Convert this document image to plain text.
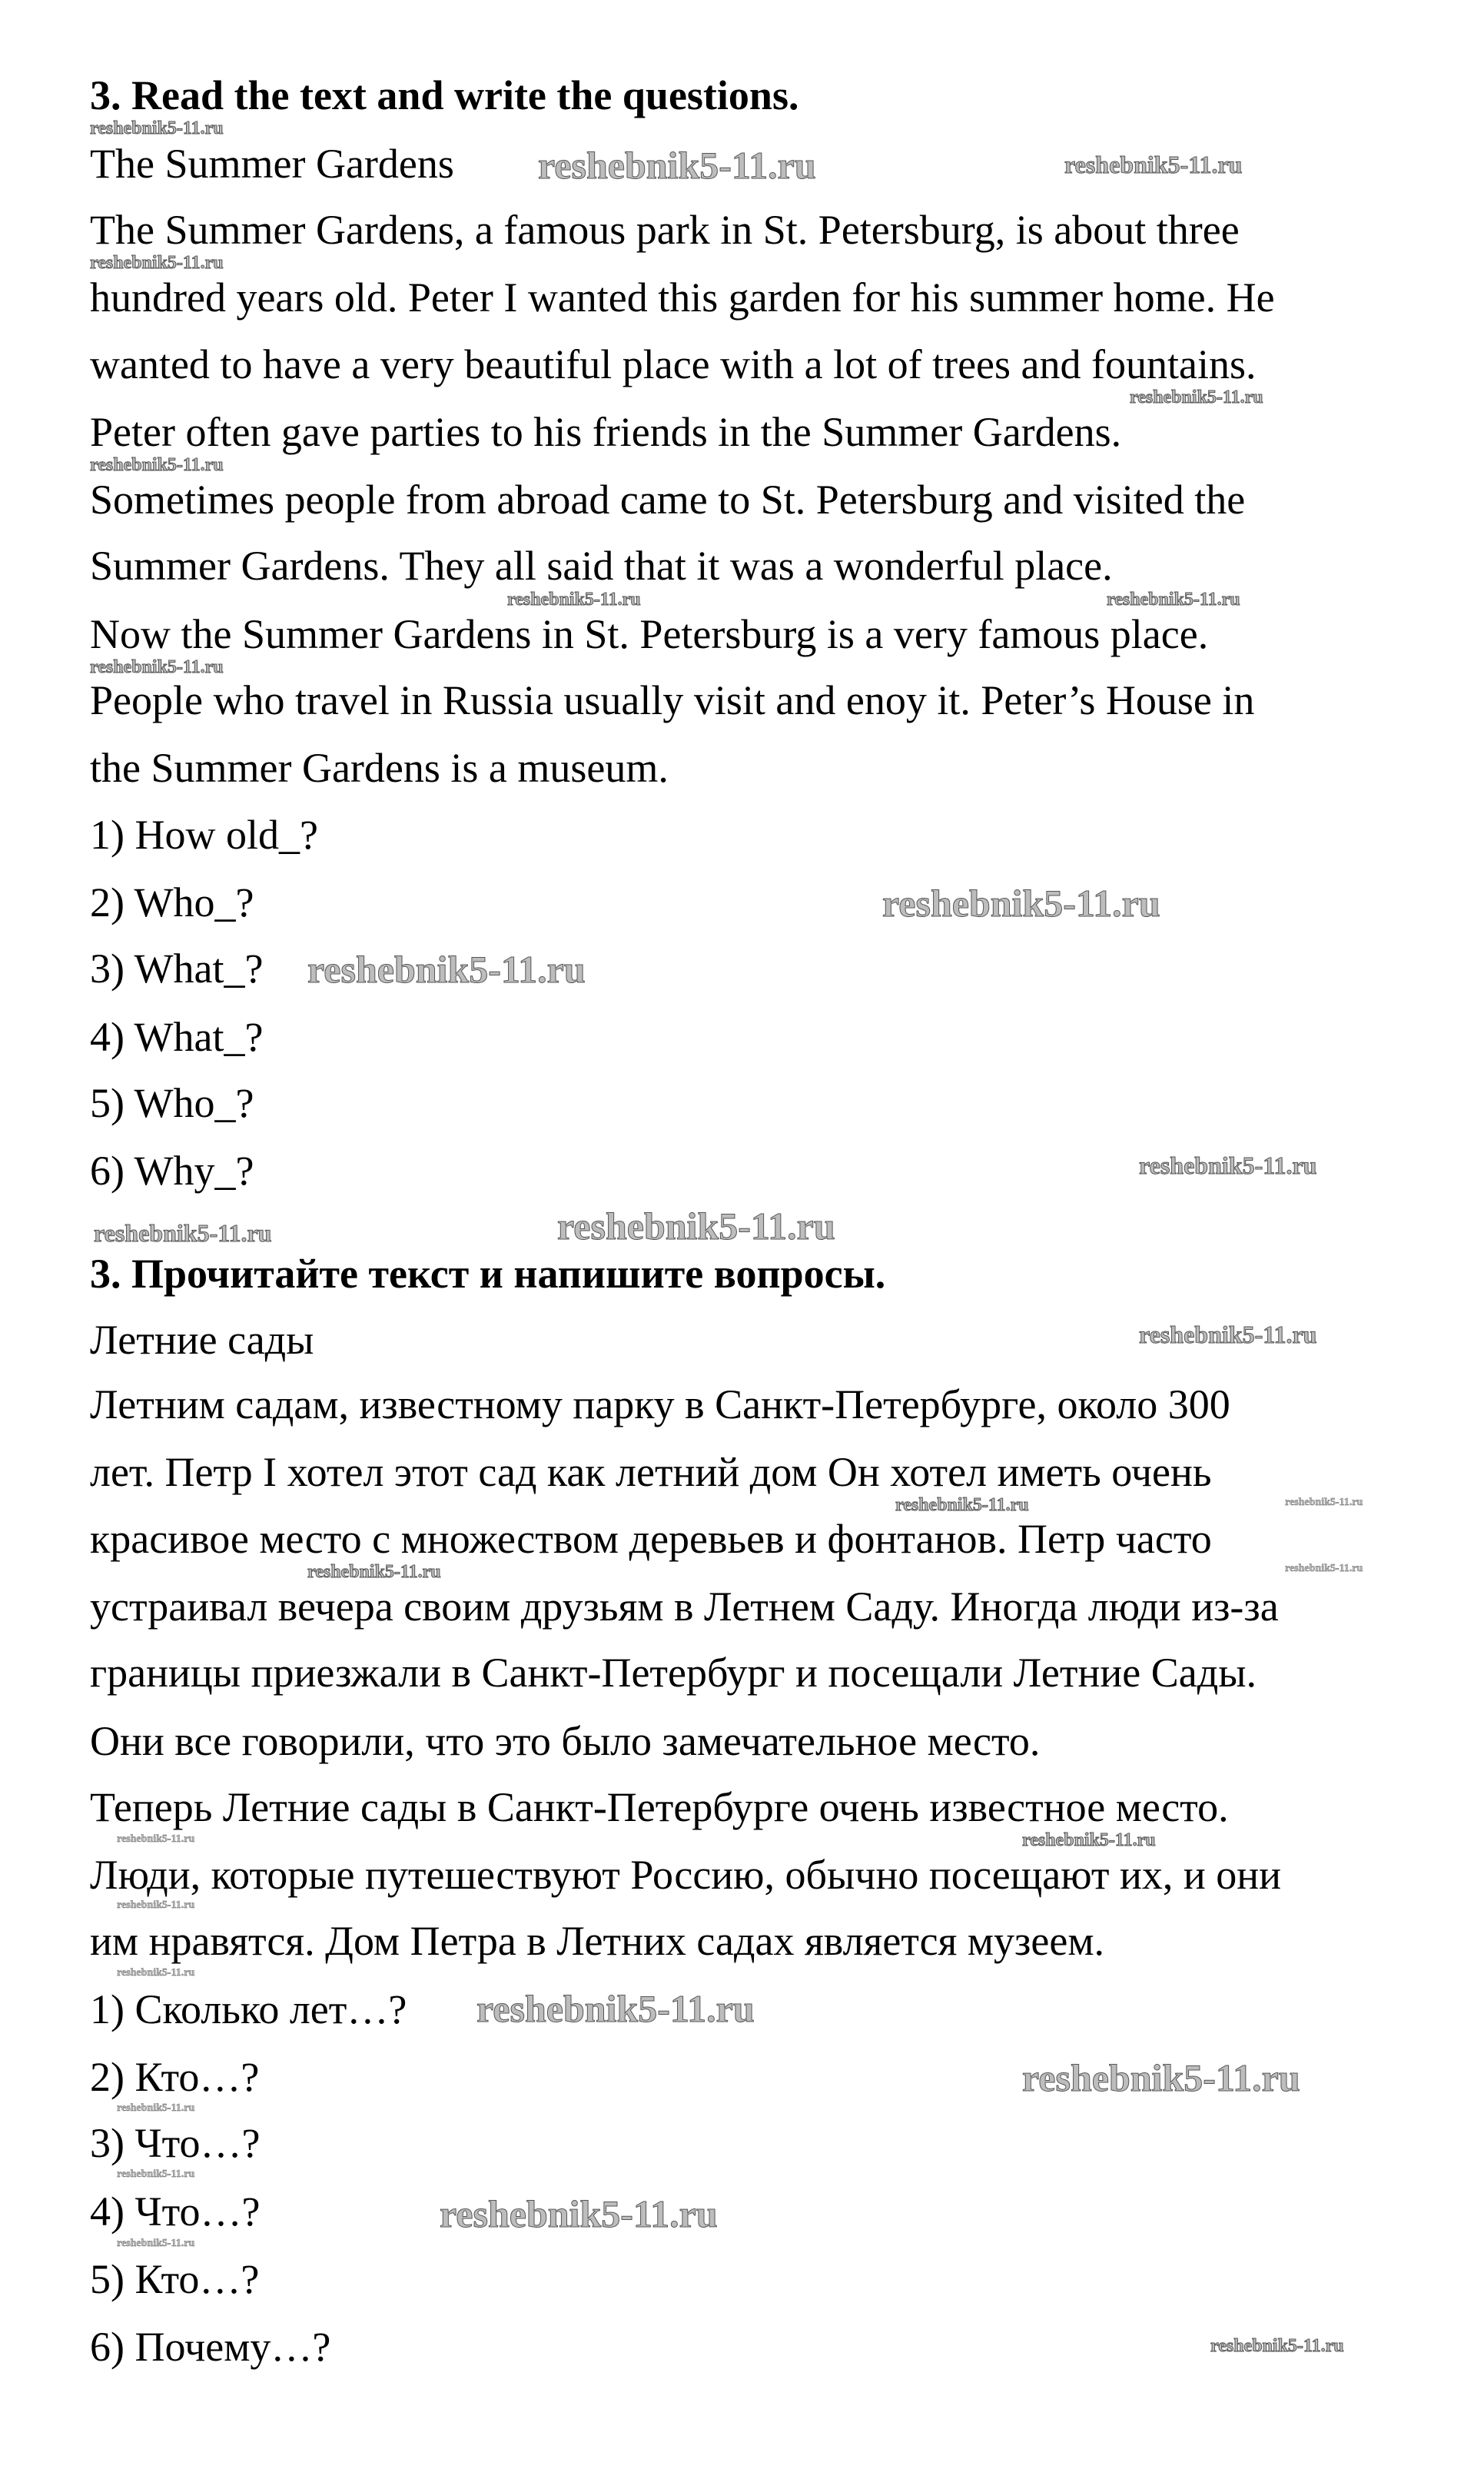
3. Read the text and write the questions.
The Summer Gardens
The Summer Gardens, a famous park in St. Petersburg, is about three
hundred years old. Peter I wanted this garden for his summer home. He
wanted to have a very beautiful place with a lot of trees and fountains.
Peter often gave parties to his friends in the Summer Gardens.
Sometimes people from abroad came to St. Petersburg and visited the
Summer Gardens. They all said that it was a wonderful place.
Now the Summer Gardens in St. Petersburg is a very famous place.
People who travel in Russia usually visit and enoy it. Peter’s House in
the Summer Gardens is a museum.
1) How old_?
2) Who_?
3) What_?
4) What_?
5) Who_?
6) Why_?
3. Прочитайте текст и напишите вопросы.
Летние сады
Летним садам, известному парку в Санкт-Петербурге, около 300
лет. Петр I хотел этот сад как летний дом Он хотел иметь очень
красивое место с множеством деревьев и фонтанов. Петр часто
устраивал вечера своим друзьям в Летнем Саду. Иногда люди из-за
границы приезжали в Санкт-Петербург и посещали Летние Сады.
Они все говорили, что это было замечательное место.
Теперь Летние сады в Санкт-Петербурге очень известное место.
Люди, которые путешествуют Россию, обычно посещают их, и они
им нравятся. Дом Петра в Летних садах является музеем.
1) Сколько лет…?
2) Кто…?
3) Что…?
4) Что…?
5) Кто…?
6) Почему…?
reshebnik5-11.ru
reshebnik5-11.ru	reshebnik5-11.ru
reshebnik5-11.ru
reshebnik5-11.ru
reshebnik5-11.ru
reshebnik5-11.ru	reshebnik5-11.ru
reshebnik5-11.ru
reshebnik5-11.ru
reshebnik5-11.ru
reshebnik5-11.ru
reshebnik5-11.ru	reshebnik5-11.ru
reshebnik5-11.ru
reshebnik5-11.ru	reshebnik5-11.ru
reshebnik5-11.ru
reshebnik5-11.ru
reshebnik5-11.ru
reshebnik5-11.ru
reshebnik5-11.ru
reshebnik5-11.ru
reshebnik5-11.ru
reshebnik5-11.ru
reshebnik5-11.ru
reshebnik5-11.ru
reshebnik5-11.ru
reshebnik5-11.ru
reshebnik5-11.ru
